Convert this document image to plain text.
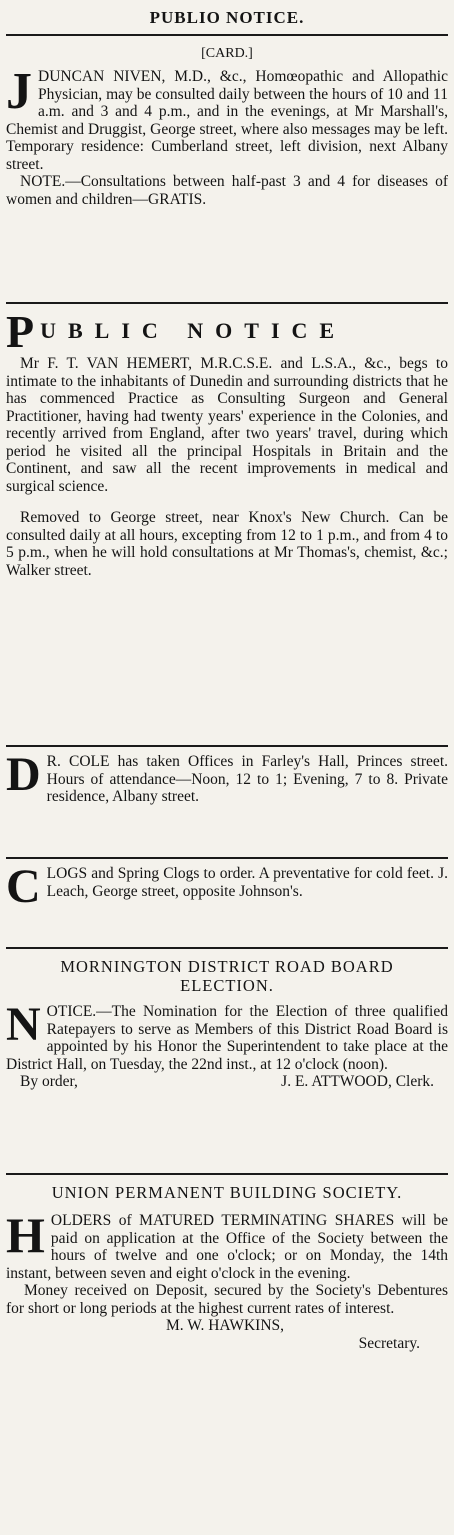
PUBLIO NOTICE.
[CARD.]
J DUNCAN NIVEN, M.D., &c., Homœopathic and Allopathic Physician, may be consulted daily between the hours of 10 and 11 a.m. and 3 and 4 p.m., and in the evenings, at Mr Marshall's, Chemist and Druggist, George street, where also messages may be left. Temporary residence: Cumberland street, left division, next Albany street.

NOTE.—Consultations between half-past 3 and 4 for diseases of women and children—GRATIS.

P UBLIC NOTICE

Mr F. T. VAN HEMERT, M.R.C.S.E. and L.S.A., &c., begs to intimate to the inhabitants of Dunedin and surrounding districts that he has commenced Practice as Consulting Surgeon and General Practitioner, having had twenty years' experience in the Colonies, and recently arrived from England, after two years' travel, during which period he visited all the principal Hospitals in Britain and the Continent, and saw all the recent improvements in medical and surgical science.

Removed to George street, near Knox's New Church. Can be consulted daily at all hours, excepting from 12 to 1 p.m., and from 4 to 5 p.m., when he will hold consultations at Mr Thomas's, chemist, &c.; Walker street.

D R. COLE has taken Offices in Farley's Hall, Princes street. Hours of attendance—Noon, 12 to 1; Evening, 7 to 8. Private residence, Albany street.

C LOGS and Spring Clogs to order. A preventative for cold feet. J. Leach, George street, opposite Johnson's.

MORNINGTON DISTRICT ROAD BOARD ELECTION.
N OTICE.—The Nomination for the Election of three qualified Ratepayers to serve as Members of this District Road Board is appointed by his Honor the Superintendent to take place at the District Hall, on Tuesday, the 22nd inst., at 12 o'clock (noon).

By order,	J. E. ATTWOOD, Clerk.
UNION PERMANENT BUILDING SOCIETY.
H OLDERS of MATURED TERMINATING SHARES will be paid on application at the Office of the Society between the hours of twelve and one o'clock; or on Monday, the 14th instant, between seven and eight o'clock in the evening.

Money received on Deposit, secured by the Society's Debentures for short or long periods at the highest current rates of interest.

M. W. HAWKINS,
Secretary.
